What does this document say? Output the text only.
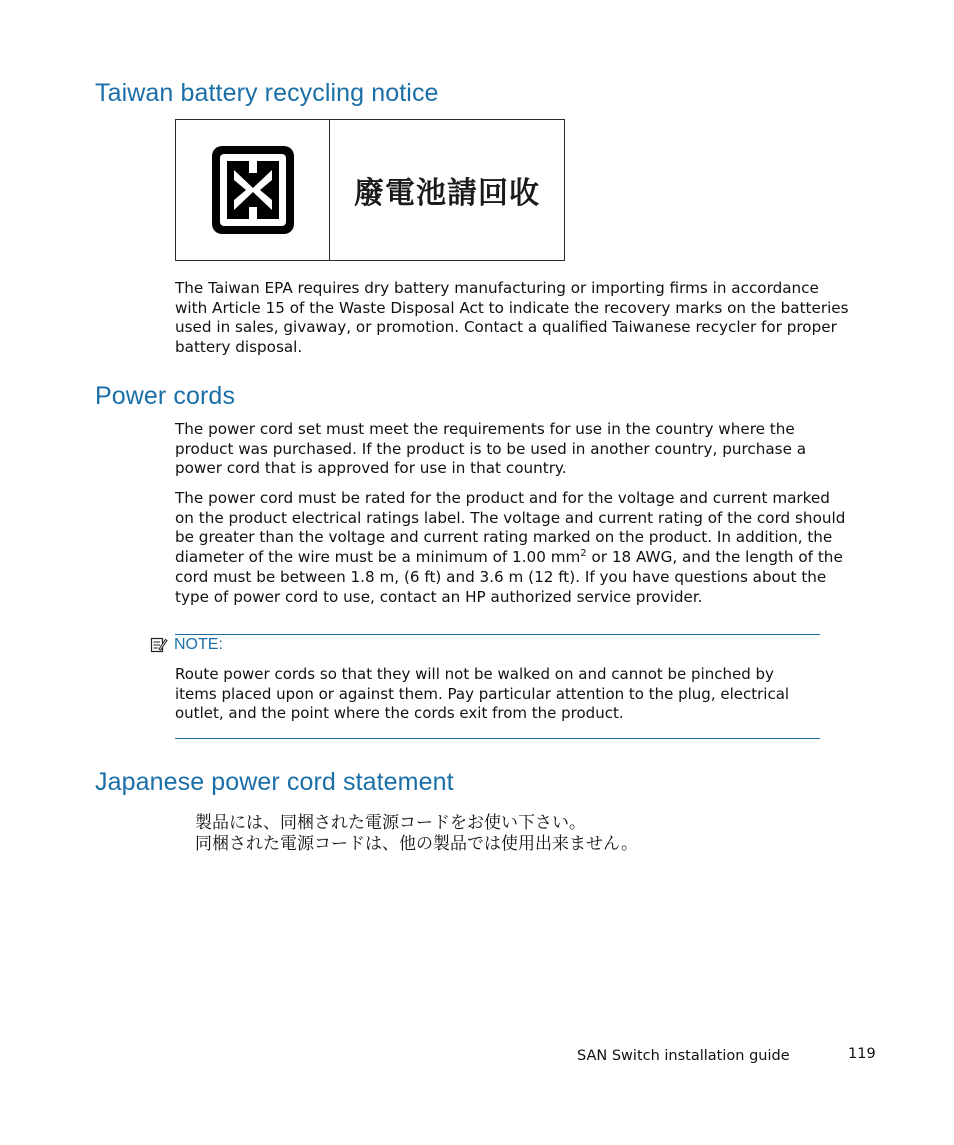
Taiwan battery recycling notice
廢電池請回收

The Taiwan EPA requires dry battery manufacturing or importing firms in accordance with Article 15 of the Waste Disposal Act to indicate the recovery marks on the batteries used in sales, givaway, or promotion. Contact a qualified Taiwanese recycler for proper battery disposal.

Power cords

The power cord set must meet the requirements for use in the country where the product was purchased. If the product is to be used in another country, purchase a power cord that is approved for use in that country.

The power cord must be rated for the product and for the voltage and current marked on the product electrical ratings label. The voltage and current rating of the cord should be greater than the voltage and current rating marked on the product. In addition, the diameter of the wire must be a minimum of 1.00 $mm^2$ or 18 AWG, and the length of the cord must be between 1.8 m, (6 ft) and 3.6 m (12 ft). If you have questions about the type of power cord to use, contact an HP authorized service provider.

NOTE:

Route power cords so that they will not be walked on and cannot be pinched by items placed upon or against them. Pay particular attention to the plug, electrical outlet, and the point where the cords exit from the product.

Japanese power cord statement
製品には、同梱された電源コードをお使い下さい。
同梱された電源コードは、他の製品では使用出来ません。
SAN Switch installation guide	119
